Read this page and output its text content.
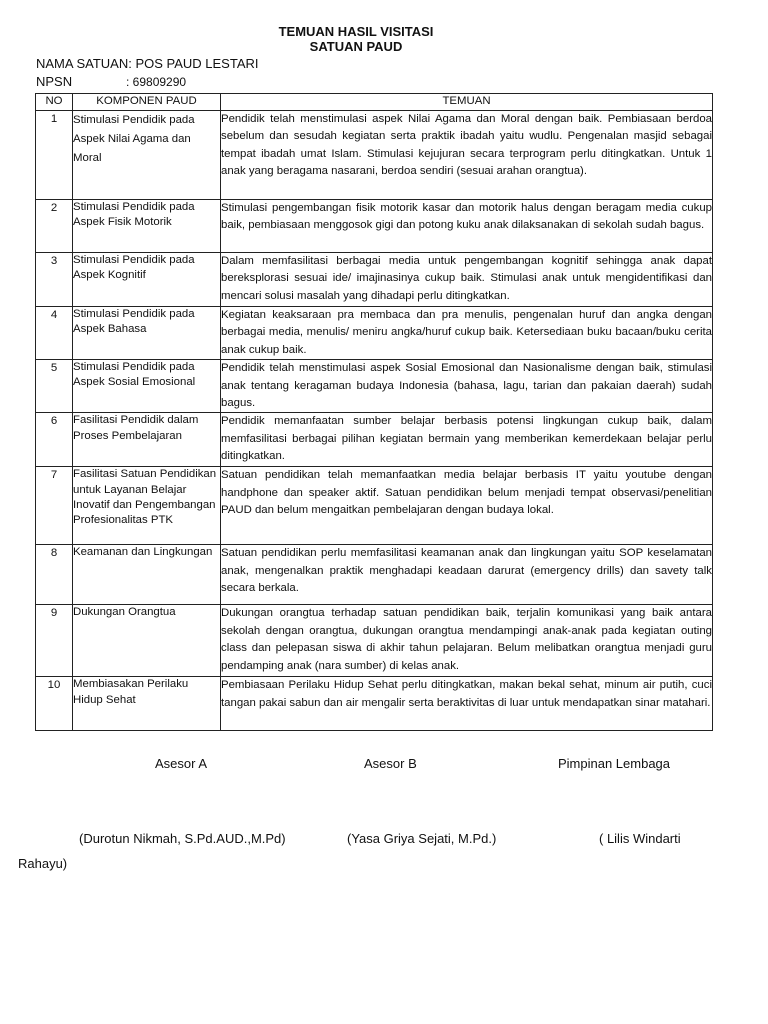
TEMUAN HASIL VISITASI
SATUAN PAUD
NAMA SATUAN: POS PAUD LESTARI
NPSN	: 69809290
NO	KOMPONEN PAUD	TEMUAN
1	Stimulasi Pendidik pada Aspek Nilai Agama dan Moral	Pendidik telah menstimulasi aspek Nilai Agama dan Moral dengan baik. Pembiasaan berdoa sebelum dan sesudah kegiatan serta praktik ibadah yaitu wudlu. Pengenalan masjid sebagai tempat ibadah umat Islam. Stimulasi kejujuran secara terprogram perlu ditingkatkan. Untuk 1 anak yang beragama nasarani, berdoa sendiri (sesuai arahan orangtua).
2	Stimulasi Pendidik pada Aspek Fisik Motorik	Stimulasi pengembangan fisik motorik kasar dan motorik halus dengan beragam media cukup baik, pembiasaan menggosok gigi dan potong kuku anak dilaksanakan di sekolah sudah bagus.
3	Stimulasi Pendidik pada Aspek Kognitif	Dalam memfasilitasi berbagai media untuk pengembangan kognitif sehingga anak dapat bereksplorasi sesuai ide/ imajinasinya cukup baik. Stimulasi anak untuk mengidentifikasi dan mencari solusi masalah yang dihadapi perlu ditingkatkan.
4	Stimulasi Pendidik pada Aspek Bahasa	Kegiatan keaksaraan pra membaca dan pra menulis, pengenalan huruf dan angka dengan berbagai media, menulis/ meniru angka/huruf cukup baik. Ketersediaan buku bacaan/buku cerita anak cukup baik.
5	Stimulasi Pendidik pada Aspek Sosial Emosional	Pendidik telah menstimulasi aspek Sosial Emosional dan Nasionalisme dengan baik, stimulasi anak tentang keragaman budaya Indonesia (bahasa, lagu, tarian dan pakaian daerah) sudah bagus.
6	Fasilitasi Pendidik dalam Proses Pembelajaran	Pendidik memanfaatan sumber belajar berbasis potensi lingkungan cukup baik, dalam memfasilitasi berbagai pilihan kegiatan bermain yang memberikan kemerdekaan belajar perlu ditingkatkan.
7	Fasilitasi Satuan Pendidikan untuk Layanan Belajar Inovatif dan Pengembangan Profesionalitas PTK	Satuan pendidikan telah memanfaatkan media belajar berbasis IT yaitu youtube dengan handphone dan speaker aktif. Satuan pendidikan belum menjadi tempat observasi/penelitian PAUD dan belum mengaitkan pembelajaran dengan budaya lokal.
8	Keamanan dan Lingkungan	Satuan pendidikan perlu memfasilitasi keamanan anak dan lingkungan yaitu SOP keselamatan anak, mengenalkan praktik menghadapi keadaan darurat (emergency drills) dan savety talk secara berkala.
9	Dukungan Orangtua	Dukungan orangtua terhadap satuan pendidikan baik, terjalin komunikasi yang baik antara sekolah dengan orangtua, dukungan orangtua mendampingi anak-anak pada kegiatan outing class dan pelepasan siswa di akhir tahun pelajaran. Belum melibatkan orangtua menjadi guru pendamping anak (nara sumber) di kelas anak.
10	Membiasakan Perilaku Hidup Sehat	Pembiasaan Perilaku Hidup Sehat perlu ditingkatkan, makan bekal sehat, minum air putih, cuci tangan pakai sabun dan air mengalir serta beraktivitas di luar untuk mendapatkan sinar matahari.
Asesor A	Asesor B	Pimpinan Lembaga
(Durotun Nikmah, S.Pd.AUD.,M.Pd)	(Yasa Griya Sejati, M.Pd.)	( Lilis Windarti
Rahayu)
